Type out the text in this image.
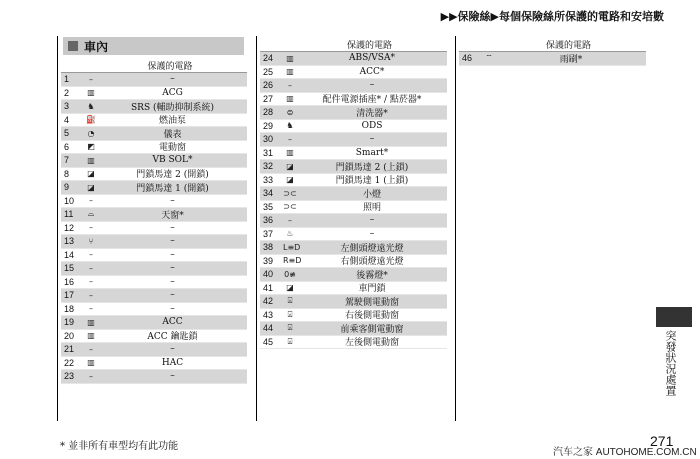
▶▶保險絲▶每個保險絲所保護的電路和安培數
車內
保護的電路
1	–	–
2	▥	ACG
3	♞	SRS (輔助抑制系統)
4	⛽	燃油泵
5	◔	儀表
6	◩	電動窗
7	▥	VB SOL*
8	◪	門鎖馬達 2 (開鎖)
9	◪	門鎖馬達 1 (開鎖)
10	–	–
11	⌓	天窗*
12	–	–
13	⑂	–
14	–	–
15	–	–
16	–	–
17	–	–
18	–	–
19	▥	ACC
20	▥	ACC 鑰匙鎖
21	–	–
22	▥	HAC
23	–	–
保護的電路
24	▥	ABS/VSA*
25	▥	ACC*
26	–	–
27	▥	配件電源插座* / 點菸器*
28	⊜	清洗器*
29	♞	ODS
30	–	–
31	▥	Smart*
32	◪	門鎖馬達 2 (上鎖)
33	◪	門鎖馬達 1 (上鎖)
34	⊃⊂	小燈
35	⊃⊂	照明
36	–	–
37	♨	–
38	L≡D	左側頭燈遠光燈
39	R≡D	右側頭燈遠光燈
40	0≢	後霧燈*
41	◪	車門鎖
42	⍓	駕駛側電動窗
43	⍓	右後側電動窗
44	⍓	前乘客側電動窗
45	⍓	左後側電動窗
保護的電路
46	⌔	雨刷*
突發狀況處置
* 並非所有車型均有此功能
汽车之家 AUTOHOME.COM.CN
271
